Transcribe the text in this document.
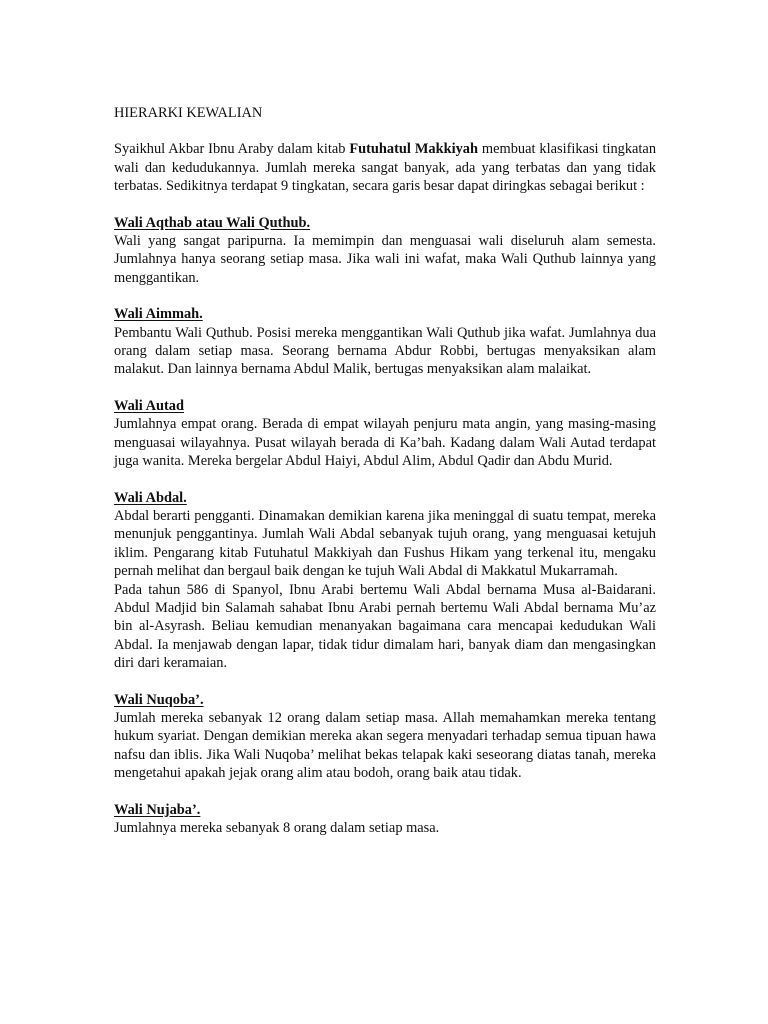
HIERARKI KEWALIAN

Syaikhul Akbar Ibnu Araby dalam kitab Futuhatul Makkiyah membuat klasifikasi tingkatan wali dan kedudukannya. Jumlah mereka sangat banyak, ada yang terbatas dan yang tidak terbatas. Sedikitnya terdapat 9 tingkatan, secara garis besar dapat diringkas sebagai berikut :

Wali Aqthab atau Wali Quthub.

Wali yang sangat paripurna. Ia memimpin dan menguasai wali diseluruh alam semesta. Jumlahnya hanya seorang setiap masa. Jika wali ini wafat, maka Wali Quthub lainnya yang menggantikan.

Wali Aimmah.

Pembantu Wali Quthub. Posisi mereka menggantikan Wali Quthub jika wafat. Jumlahnya dua orang dalam setiap masa. Seorang bernama Abdur Robbi, bertugas menyaksikan alam malakut. Dan lainnya bernama Abdul Malik, bertugas menyaksikan alam malaikat.

Wali Autad

Jumlahnya empat orang. Berada di empat wilayah penjuru mata angin, yang masing-masing menguasai wilayahnya. Pusat wilayah berada di Ka’bah. Kadang dalam Wali Autad terdapat juga wanita. Mereka bergelar Abdul Haiyi, Abdul Alim, Abdul Qadir dan Abdu Murid.

Wali Abdal.

Abdal berarti pengganti. Dinamakan demikian karena jika meninggal di suatu tempat, mereka menunjuk penggantinya. Jumlah Wali Abdal sebanyak tujuh orang, yang menguasai ketujuh iklim. Pengarang kitab Futuhatul Makkiyah dan Fushus Hikam yang terkenal itu, mengaku pernah melihat dan bergaul baik dengan ke tujuh Wali Abdal di Makkatul Mukarramah.

Pada tahun 586 di Spanyol, Ibnu Arabi bertemu Wali Abdal bernama Musa al-Baidarani. Abdul Madjid bin Salamah sahabat Ibnu Arabi pernah bertemu Wali Abdal bernama Mu’az bin al-Asyrash. Beliau kemudian menanyakan bagaimana cara mencapai kedudukan Wali Abdal. Ia menjawab dengan lapar, tidak tidur dimalam hari, banyak diam dan mengasingkan diri dari keramaian.

Wali Nuqoba’.

Jumlah mereka sebanyak 12 orang dalam setiap masa. Allah memahamkan mereka tentang hukum syariat. Dengan demikian mereka akan segera menyadari terhadap semua tipuan hawa nafsu dan iblis. Jika Wali Nuqoba’ melihat bekas telapak kaki seseorang diatas tanah, mereka mengetahui apakah jejak orang alim atau bodoh, orang baik atau tidak.

Wali Nujaba’.

Jumlahnya mereka sebanyak 8 orang dalam setiap masa.
